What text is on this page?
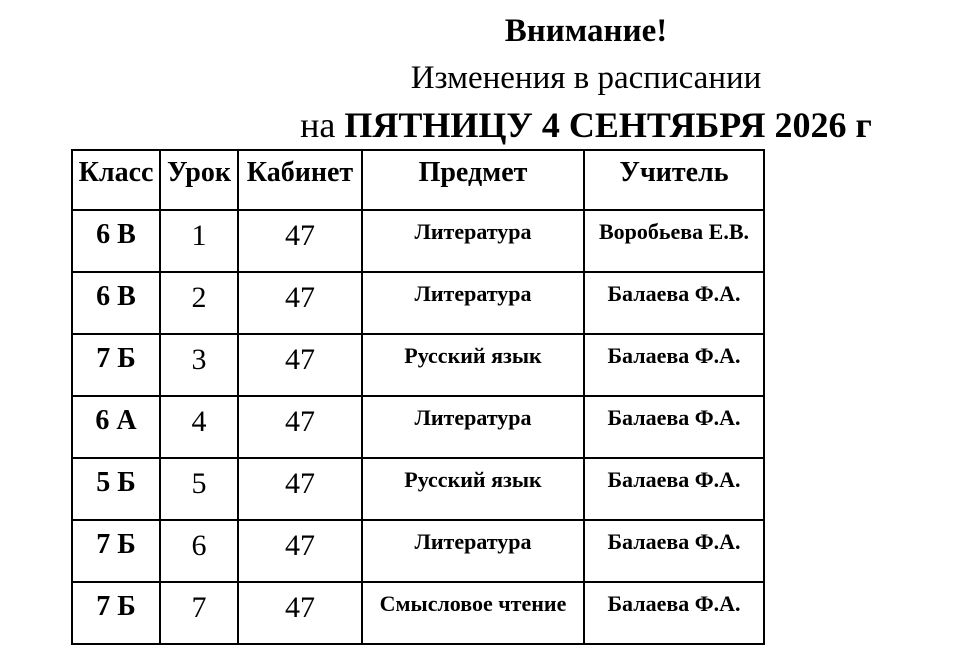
Внимание!
Изменения в расписании
на ПЯТНИЦУ 4 СЕНТЯБРЯ 2026 г
Класс	Урок	Кабинет	Предмет	Учитель
6 В	1	47	Литература	Воробьева Е.В.
6 В	2	47	Литература	Балаева Ф.А.
7 Б	3	47	Русский язык	Балаева Ф.А.
6 А	4	47	Литература	Балаева Ф.А.
5 Б	5	47	Русский язык	Балаева Ф.А.
7 Б	6	47	Литература	Балаева Ф.А.
7 Б	7	47	Смысловое чтение	Балаева Ф.А.
